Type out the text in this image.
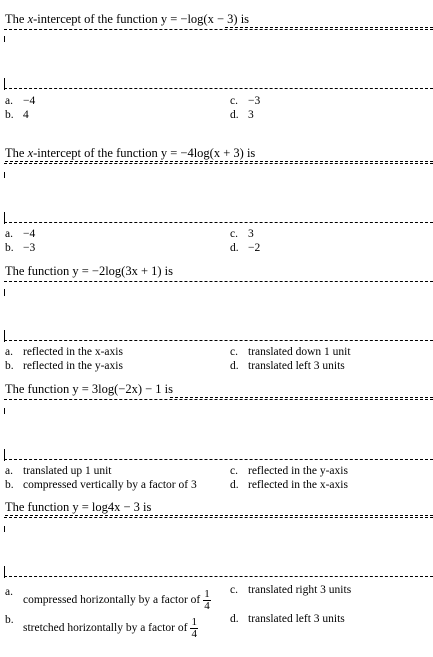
The x-intercept of the function y = −log(x − 3) is
a. −4
b. 4
c. −3
d. 3
The x-intercept of the function y = −4log(x + 3) is
a. −4
b. −3
c. 3
d. −2
The function y = −2log(3x + 1) is
a. reflected in the x-axis
b. reflected in the y-axis
c. translated down 1 unit
d. translated left 3 units
The function y = 3log(−2x) − 1 is
a. translated up 1 unit
b. compressed vertically by a factor of 3
c. reflected in the y-axis
d. reflected in the x-axis
The function y = log4x − 3 is
a.compressed horizontally by a factor of $\frac{1}{4}$
b.stretched horizontally by a factor of $\frac{1}{4}$
c. translated right 3 units
d. translated left 3 units
